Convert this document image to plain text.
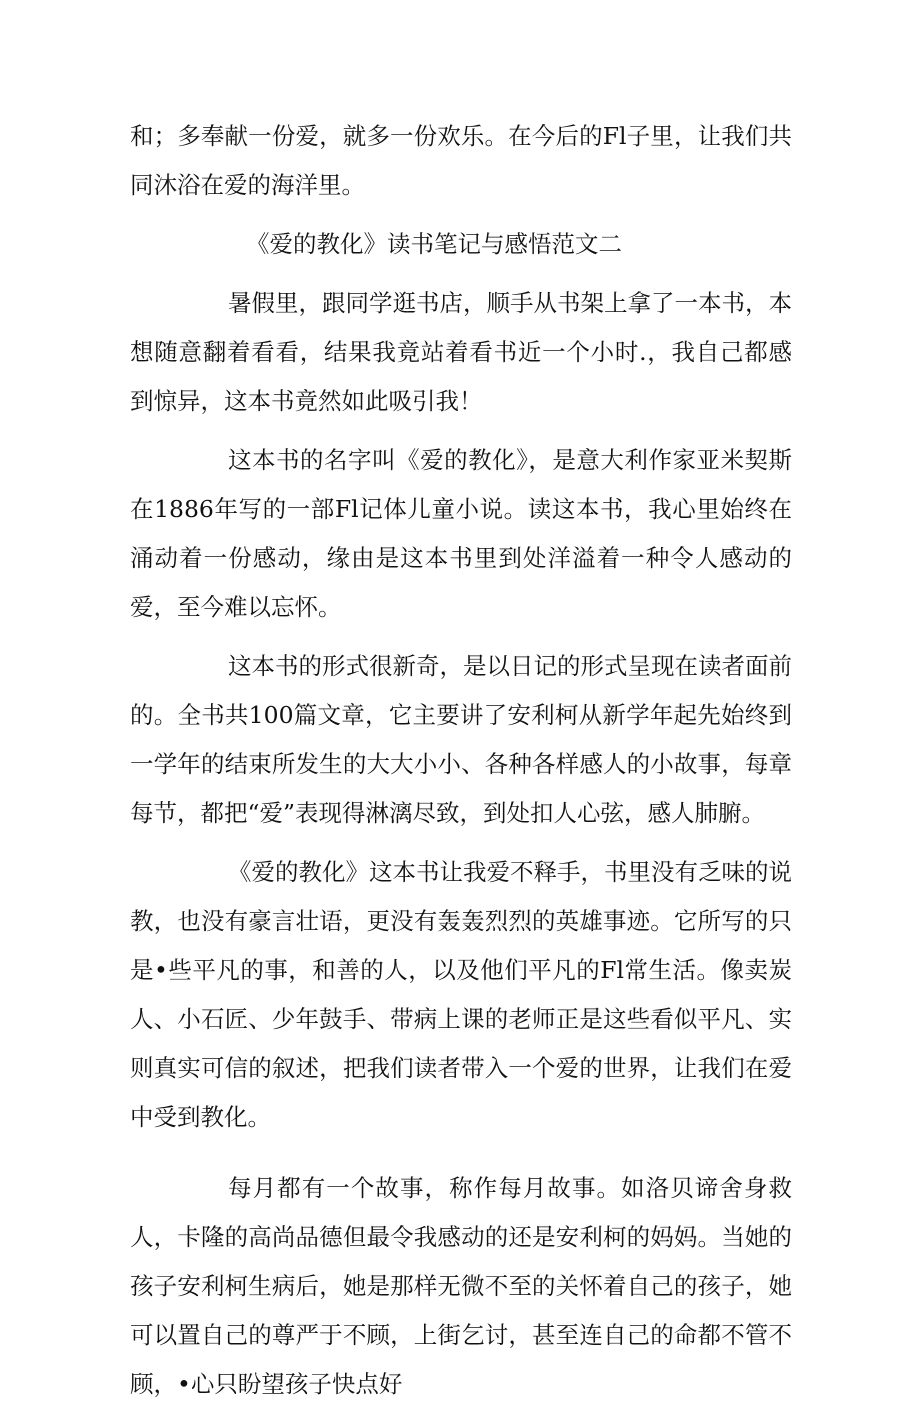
和；多奉献一份爱，就多一份欢乐。在今后的Fl子里，让我们共同沐浴在爱的海洋里。

《爱的教化》读书笔记与感悟范文二

暑假里，跟同学逛书店，顺手从书架上拿了一本书，本想随意翻着看看，结果我竟站着看书近一个小时.，我自己都感到惊异，这本书竟然如此吸引我！

这本书的名字叫《爱的教化》，是意大利作家亚米契斯在1886年写的一部Fl记体儿童小说。读这本书，我心里始终在涌动着一份感动，缘由是这本书里到处洋溢着一种令人感动的爱，至今难以忘怀。

这本书的形式很新奇，是以日记的形式呈现在读者面前的。全书共100篇文章，它主要讲了安利柯从新学年起先始终到一学年的结束所发生的大大小小、各种各样感人的小故事，每章每节，都把“爱”表现得淋漓尽致，到处扣人心弦，感人肺腑。

《爱的教化》这本书让我爱不释手，书里没有乏味的说教，也没有豪言壮语，更没有轰轰烈烈的英雄事迹。它所写的只是•些平凡的事，和善的人，以及他们平凡的Fl常生活。像卖炭人、小石匠、少年鼓手、带病上课的老师正是这些看似平凡、实则真实可信的叙述，把我们读者带入一个爱的世界，让我们在爱中受到教化。

每月都有一个故事，称作每月故事。如洛贝谛舍身救人，卡隆的高尚品德但最令我感动的还是安利柯的妈妈。当她的孩子安利柯生病后，她是那样无微不至的关怀着自己的孩子，她可以置自己的尊严于不顾，上街乞讨，甚至连自己的命都不管不顾，•心只盼望孩子快点好
